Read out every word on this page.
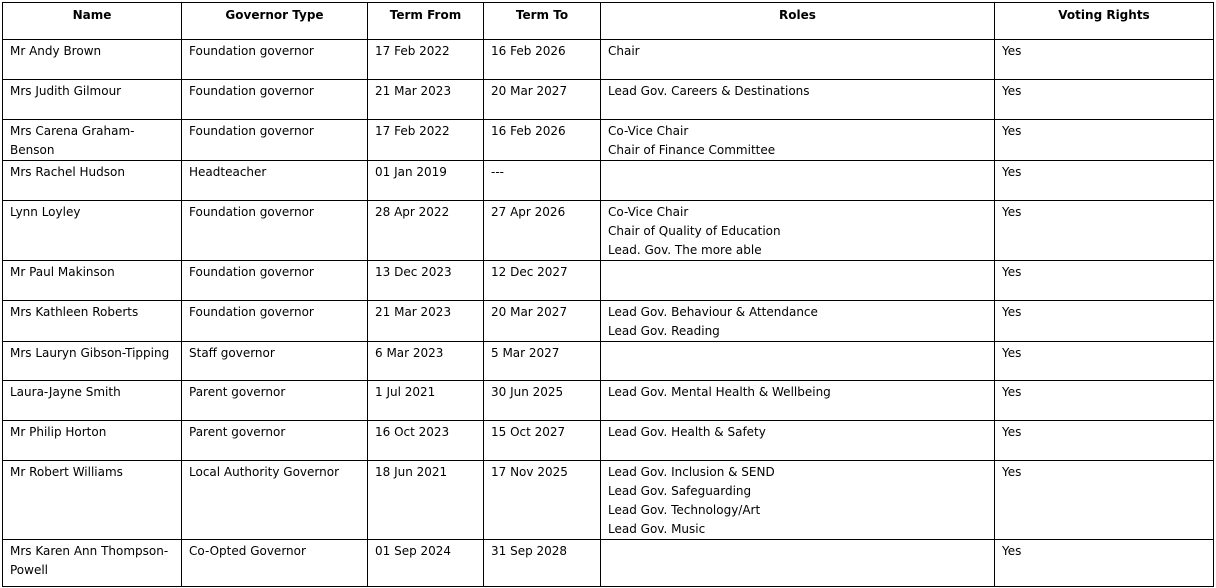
Name	Governor Type	Term From	Term To	Roles	Voting Rights
Mr Andy Brown	Foundation governor	17 Feb 2022	16 Feb 2026	Chair	Yes
Mrs Judith Gilmour	Foundation governor	21 Mar 2023	20 Mar 2027	Lead Gov. Careers & Destinations	Yes
Mrs Carena Graham-Benson	Foundation governor	17 Feb 2022	16 Feb 2026	Co-Vice Chair
Chair of Finance Committee	Yes
Mrs Rachel Hudson	Headteacher	01 Jan 2019	---		Yes
Lynn Loyley	Foundation governor	28 Apr 2022	27 Apr 2026	Co-Vice Chair
Chair of Quality of Education
Lead. Gov. The more able	Yes
Mr Paul Makinson	Foundation governor	13 Dec 2023	12 Dec 2027		Yes
Mrs Kathleen Roberts	Foundation governor	21 Mar 2023	20 Mar 2027	Lead Gov. Behaviour & Attendance
Lead Gov. Reading	Yes
Mrs Lauryn Gibson-Tipping	Staff governor	6 Mar 2023	5 Mar 2027		Yes
Laura-Jayne Smith	Parent governor	1 Jul 2021	30 Jun 2025	Lead Gov. Mental Health & Wellbeing	Yes
Mr Philip Horton	Parent governor	16 Oct 2023	15 Oct 2027	Lead Gov. Health & Safety	Yes
Mr Robert Williams	Local Authority Governor	18 Jun 2021	17 Nov 2025	Lead Gov. Inclusion & SEND
Lead Gov. Safeguarding
Lead Gov. Technology/Art
Lead Gov. Music	Yes
Mrs Karen Ann Thompson-Powell	Co-Opted Governor	01 Sep 2024	31 Sep 2028		Yes
